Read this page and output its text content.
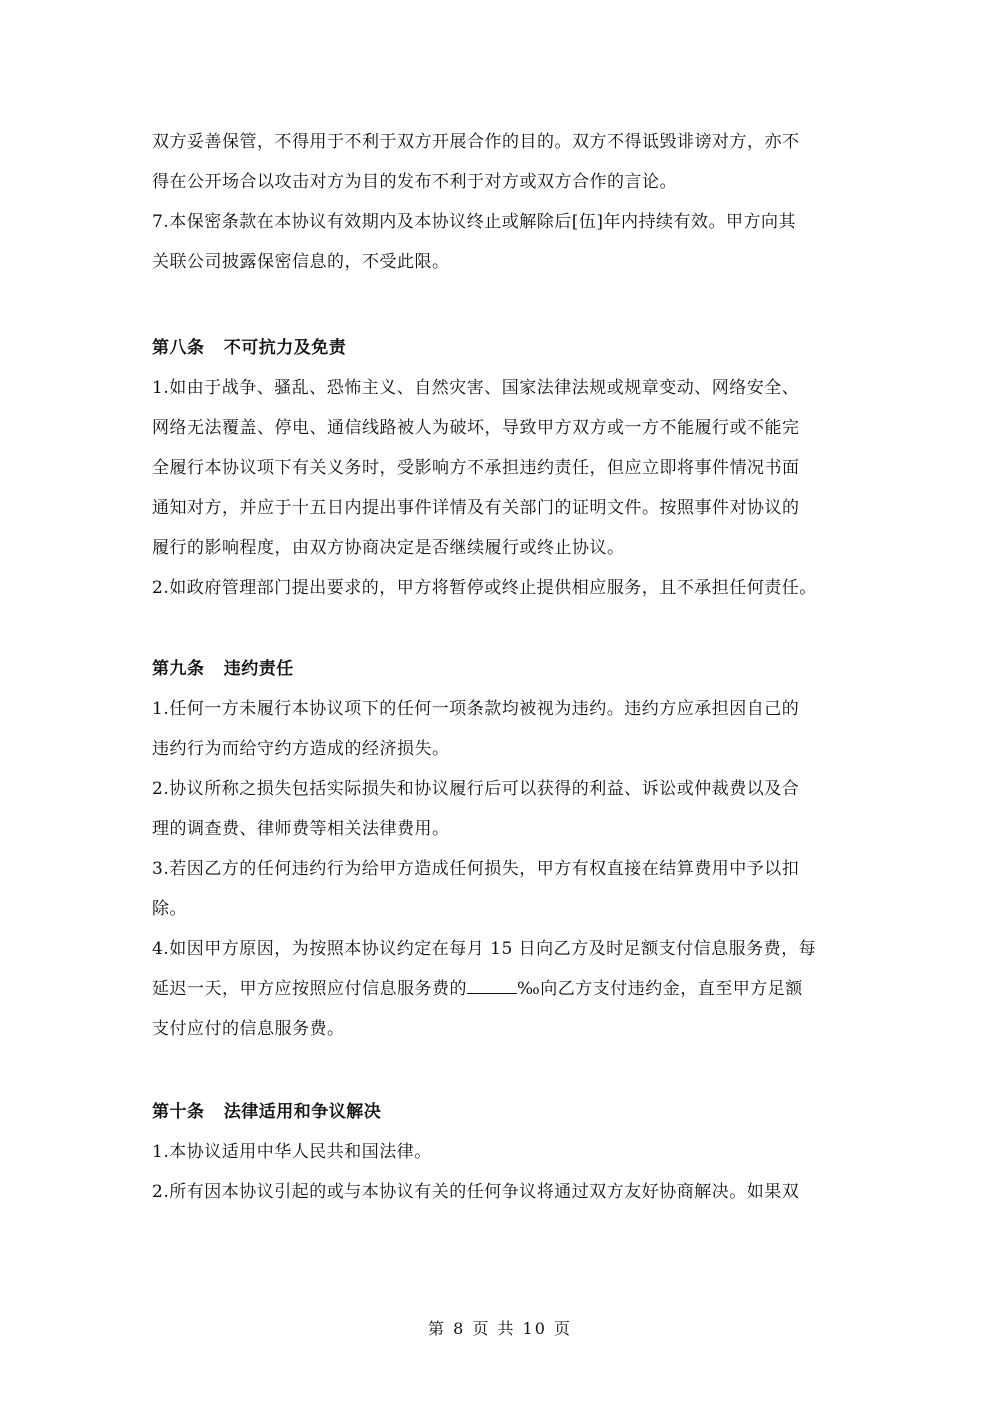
双方妥善保管，不得用于不利于双方开展合作的目的。双方不得诋毁诽谤对方，亦不
得在公开场合以攻击对方为目的发布不利于对方或双方合作的言论。

7.本保密条款在本协议有效期内及本协议终止或解除后[伍]年内持续有效。甲方向其
关联公司披露保密信息的，不受此限。

第八条 不可抗力及免责

1.如由于战争、骚乱、恐怖主义、自然灾害、国家法律法规或规章变动、网络安全、
网络无法覆盖、停电、通信线路被人为破坏，导致甲方双方或一方不能履行或不能完
全履行本协议项下有关义务时，受影响方不承担违约责任，但应立即将事件情况书面
通知对方，并应于十五日内提出事件详情及有关部门的证明文件。按照事件对协议的
履行的影响程度，由双方协商决定是否继续履行或终止协议。

2.如政府管理部门提出要求的，甲方将暂停或终止提供相应服务，且不承担任何责任。

第九条 违约责任

1.任何一方未履行本协议项下的任何一项条款均被视为违约。违约方应承担因自己的
违约行为而给守约方造成的经济损失。

2.协议所称之损失包括实际损失和协议履行后可以获得的利益、诉讼或仲裁费以及合
理的调查费、律师费等相关法律费用。

3.若因乙方的任何违约行为给甲方造成任何损失，甲方有权直接在结算费用中予以扣
除。

4.如因甲方原因，为按照本协议约定在每月 15 日向乙方及时足额支付信息服务费，每
延迟一天，甲方应按照应付信息服务费的	‰向乙方支付违约金，直至甲方足额
支付应付的信息服务费。

第十条 法律适用和争议解决

1.本协议适用中华人民共和国法律。

2.所有因本协议引起的或与本协议有关的任何争议将通过双方友好协商解决。如果双

第 8 页 共 10 页
